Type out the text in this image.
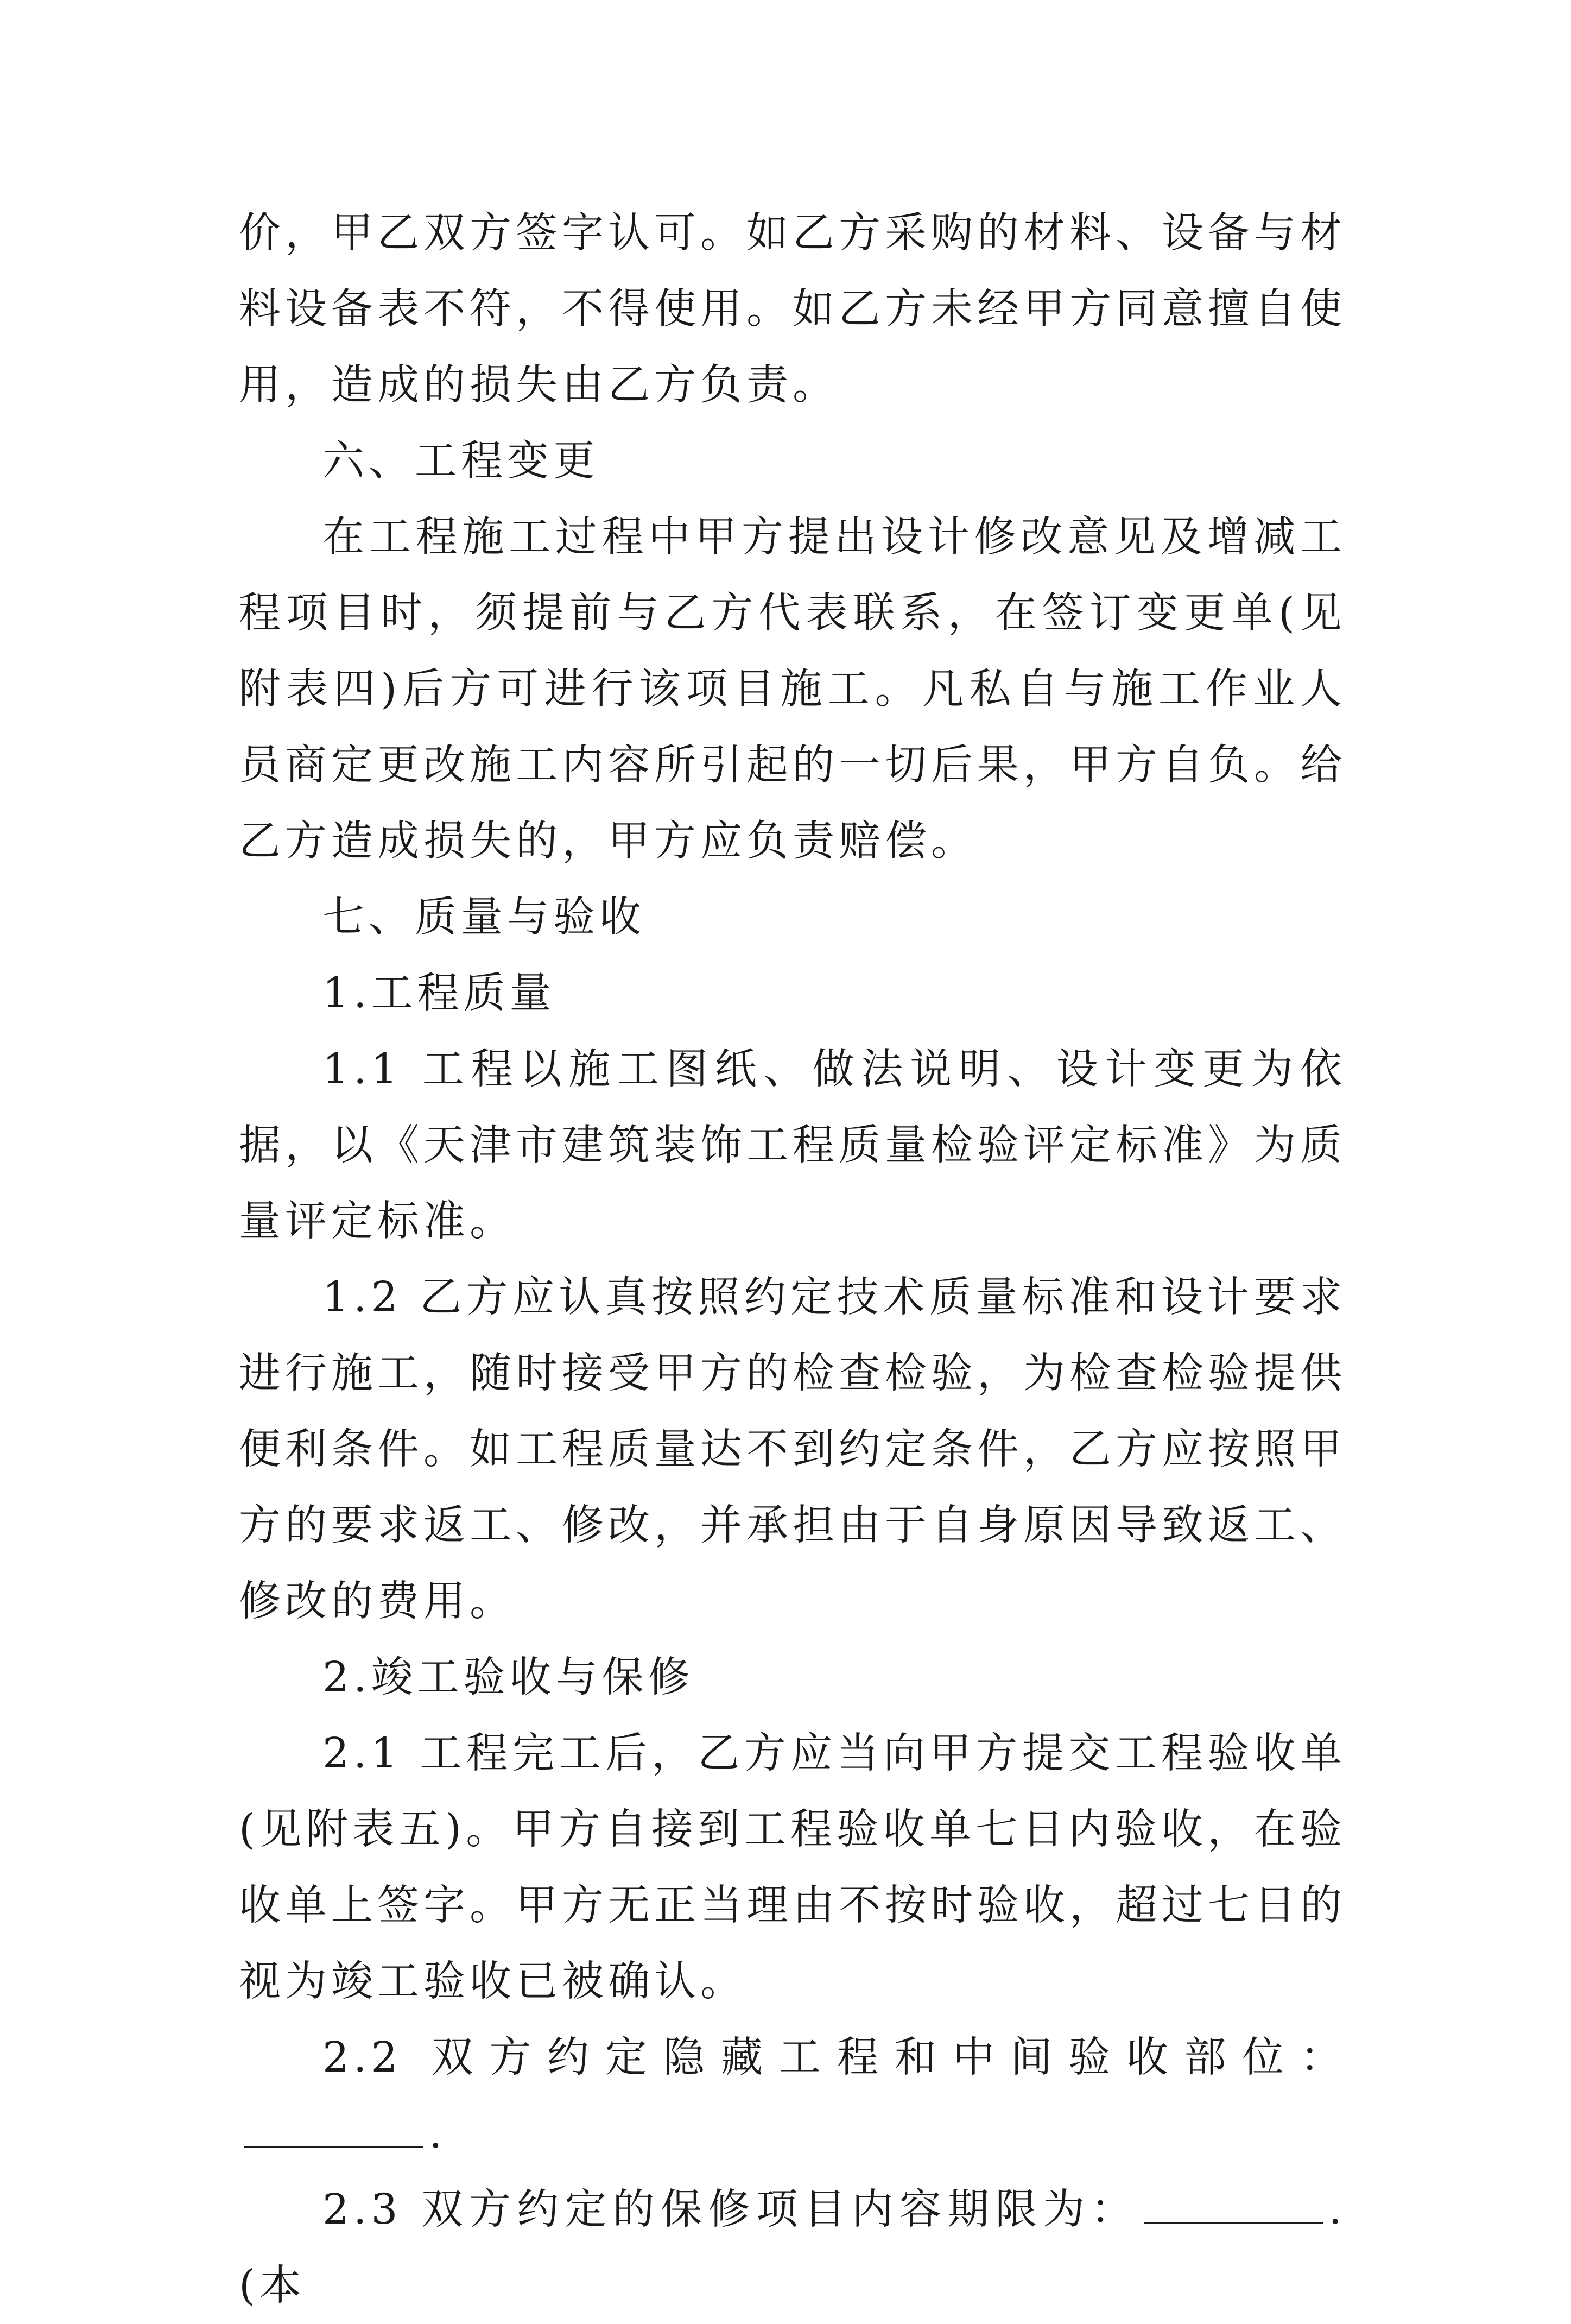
价，甲乙双方签字认可。如乙方采购的材料、设备与材料设备表不符，不得使用。如乙方未经甲方同意擅自使用，造成的损失由乙方负责。

六、工程变更

在工程施工过程中甲方提出设计修改意见及增减工程项目时，须提前与乙方代表联系，在签订变更单(见附表四)后方可进行该项目施工。凡私自与施工作业人员商定更改施工内容所引起的一切后果，甲方自负。给乙方造成损失的，甲方应负责赔偿。

七、质量与验收

1.工程质量

1.1 工程以施工图纸、做法说明、设计变更为依据，以《天津市建筑装饰工程质量检验评定标准》为质量评定标准。

1.2 乙方应认真按照约定技术质量标准和设计要求进行施工，随时接受甲方的检查检验，为检查检验提供便利条件。如工程质量达不到约定条件，乙方应按照甲方的要求返工、修改，并承担由于自身原因导致返工、修改的费用。

2.竣工验收与保修

2.1 工程完工后，乙方应当向甲方提交工程验收单(见附表五)。甲方自接到工程验收单七日内验收，在验收单上签字。甲方无正当理由不按时验收，超过七日的视为竣工验收已被确认。

2.2 双方约定隐藏工程和中间验收部位：.

2.3 双方约定的保修项目内容期限为：	.(本
